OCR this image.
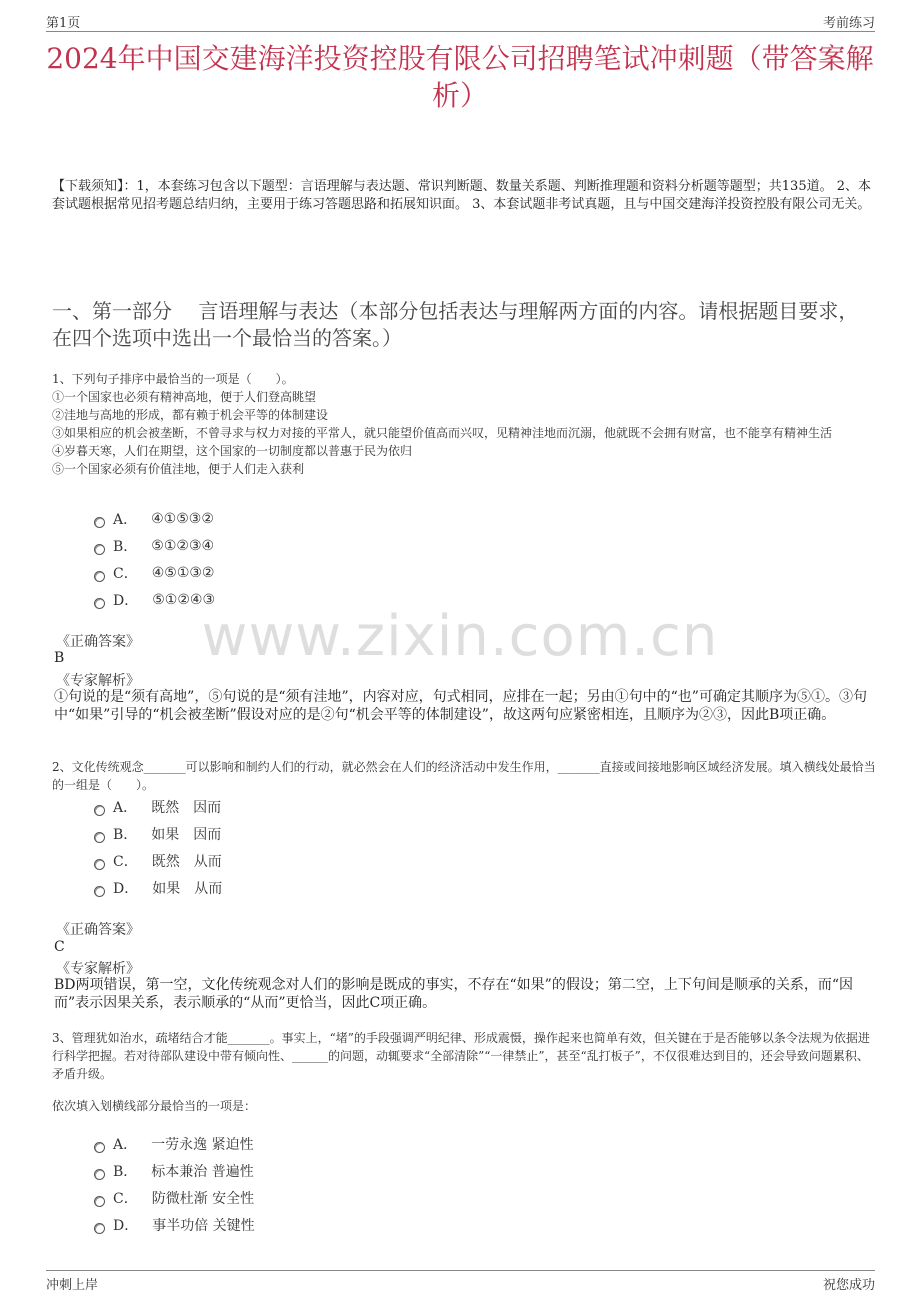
第1页	考前练习
2024年中国交建海洋投资控股有限公司招聘笔试冲刺题（带答案解析）
【下载须知】：1，本套练习包含以下题型：言语理解与表达题、常识判断题、数量关系题、判断推理题和资料分析题等题型；共135道。 2、本套试题根据常见招考题总结归纳，主要用于练习答题思路和拓展知识面。 3、本套试题非考试真题，且与中国交建海洋投资控股有限公司无关。
一、第一部分　 言语理解与表达（本部分包括表达与理解两方面的内容。请根据题目要求，在四个选项中选出一个最恰当的答案。）

1、下列句子排序中最恰当的一项是（　　）。

①一个国家也必须有精神高地，便于人们登高眺望

②洼地与高地的形成，都有赖于机会平等的体制建设

③如果相应的机会被垄断，不曾寻求与权力对接的平常人，就只能望价值高而兴叹，见精神洼地而沉溺，他就既不会拥有财富，也不能享有精神生活

④岁暮天寒，人们在期望，这个国家的一切制度都以普惠于民为依归

⑤一个国家必须有价值洼地，便于人们走入获利

A． ④①⑤③②
B． ⑤①②③④
C． ④⑤①③②
D． ⑤①②④③
《正确答案》
B
《专家解析》
①句说的是“须有高地”，⑤句说的是“须有洼地”，内容对应，句式相同，应排在一起；另由①句中的“也”可确定其顺序为⑤①。③句中“如果”引导的“机会被垄断”假设对应的是②句“机会平等的体制建设”，故这两句应紧密相连，且顺序为②③，因此B项正确。

2、文化传统观念_______可以影响和制约人们的行动，就必然会在人们的经济活动中发生作用，_______直接或间接地影响区域经济发展。填入横线处最恰当的一组是（　　）。

A． 既然　因而
B． 如果　因而
C． 既然　从而
D． 如果　从而
《正确答案》
C
《专家解析》
BD两项错误，第一空，文化传统观念对人们的影响是既成的事实，不存在“如果”的假设；第二空，上下句间是顺承的关系，而“因而”表示因果关系，表示顺承的“从而”更恰当，因此C项正确。

3、管理犹如治水，疏堵结合才能_______。事实上，“堵”的手段强调严明纪律、形成震慑，操作起来也简单有效，但关键在于是否能够以条令法规为依据进行科学把握。若对待部队建设中带有倾向性、______的问题，动辄要求“全部清除”“一律禁止”，甚至“乱打板子”，不仅很难达到目的，还会导致问题累积、矛盾升级。

依次填入划横线部分最恰当的一项是：

A． 一劳永逸 紧迫性
B． 标本兼治 普遍性
C． 防微杜渐 安全性
D． 事半功倍 关键性
www.zixin.com.cn
冲刺上岸	祝您成功
